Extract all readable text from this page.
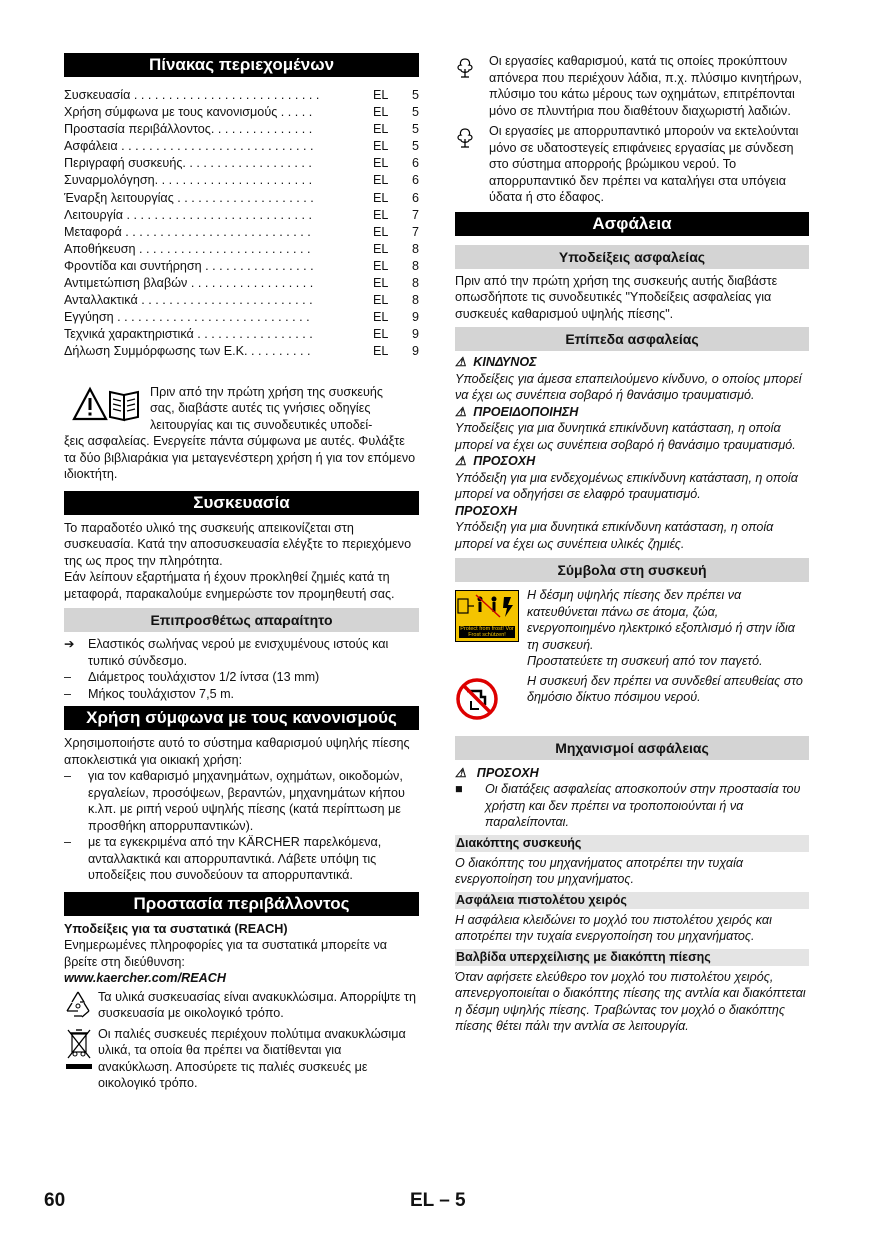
Πίνακας περιεχομένων
Συσκευασία . . . . . . . . . . . . . . . . . . . . . . . . . . .	EL	5
Χρήση σύμφωνα με τους κανονισμούς . . . . .	EL	5
Προστασία περιβάλλοντος. . . . . . . . . . . . . . .	EL	5
Ασφάλεια . . . . . . . . . . . . . . . . . . . . . . . . . . . .	EL	5
Περιγραφή συσκευής. . . . . . . . . . . . . . . . . . .	EL	6
Συναρμολόγηση. . . . . . . . . . . . . . . . . . . . . . .	EL	6
Έναρξη λειτουργίας . . . . . . . . . . . . . . . . . . . .	EL	6
Λειτουργία . . . . . . . . . . . . . . . . . . . . . . . . . . .	EL	7
Μεταφορά . . . . . . . . . . . . . . . . . . . . . . . . . . .	EL	7
Αποθήκευση . . . . . . . . . . . . . . . . . . . . . . . . .	EL	8
Φροντίδα και συντήρηση . . . . . . . . . . . . . . . .	EL	8
Αντιμετώπιση βλαβών . . . . . . . . . . . . . . . . . .	EL	8
Ανταλλακτικά . . . . . . . . . . . . . . . . . . . . . . . . .	EL	8
Εγγύηση . . . . . . . . . . . . . . . . . . . . . . . . . . . .	EL	9
Τεχνικά χαρακτηριστικά . . . . . . . . . . . . . . . . .	EL	9
Δήλωση Συμμόρφωσης των Ε.Κ. . . . . . . . . .	EL	9

Πριν από την πρώτη χρήση της συσκευής

σας, διαβάστε αυτές τις γνήσιες οδηγίες

λειτουργίας και τις συνοδευτικές υποδεί-

ξεις ασφαλείας. Ενεργείτε πάντα σύμφωνα με αυτές. Φυλάξτε τα δύο βιβλιαράκια για μεταγενέστερη χρήση ή για τον επόμενο ιδιοκτήτη.

Συσκευασία

Το παραδοτέο υλικό της συσκευής απεικονίζεται στη συσκευασία. Κατά την αποσυσκευασία ελέγξτε το περιεχόμενο της ως προς την πληρότητα.

Εάν λείπουν εξαρτήματα ή έχουν προκληθεί ζημιές κατά τη μεταφορά, παρακαλούμε ενημερώστε τον προμηθευτή σας.

Επιπροσθέτως απαραίτητο
➔	Ελαστικός σωλήνας νερού με ενισχυμένους ιστούς και τυπικό σύνδεσμο.
–	Διάμετρος τουλάχιστον 1/2 ίντσα (13 mm)
–	Μήκος τουλάχιστον 7,5 m.
Χρήση σύμφωνα με τους κανονισμούς

Χρησιμοποιήστε αυτό το σύστημα καθαρισμού υψηλής πίεσης αποκλειστικά για οικιακή χρήση:

–	για τον καθαρισμό μηχανημάτων, οχημάτων, οικοδομών, εργαλείων, προσόψεων, βεραντών, μηχανημάτων κήπου κ.λπ. με ριπή νερού υψηλής πίεσης (κατά περίπτωση με προσθήκη απορρυπαντικών).
–	με τα εγκεκριμένα από την KÄRCHER παρελκόμενα, ανταλλακτικά και απορρυπαντικά. Λάβετε υπόψη τις υποδείξεις που συνοδεύουν τα απορρυπαντικά.
Προστασία περιβάλλοντος

Υποδείξεις για τα συστατικά (REACH)

Ενημερωμένες πληροφορίες για τα συστατικά μπορείτε να βρείτε στη διεύθυνση:

www.kaercher.com/REACH

Τα υλικά συσκευασίας είναι ανακυκλώσιμα. Απορρίψτε τη συσκευασία με οικολογικό τρόπο.

Οι παλιές συσκευές περιέχουν πολύτιμα ανακυκλώσιμα υλικά, τα οποία θα πρέπει να διατίθενται για ανακύκλωση. Αποσύρετε τις παλιές συσκευές με οικολογικό τρόπο.

Οι εργασίες καθαρισμού, κατά τις οποίες προκύπτουν απόνερα που περιέχουν λάδια, π.χ. πλύσιμο κινητήρων, πλύσιμο του κάτω μέρους των οχημάτων, επιτρέπονται μόνο σε πλυντήρια που διαθέτουν διαχωριστή λαδιών.

Οι εργασίες με απορρυπαντικό μπορούν να εκτελούνται μόνο σε υδατοστεγείς επιφάνειες εργασίας με σύνδεση στο σύστημα απορροής βρώμικου νερού. Το απορρυπαντικό δεν πρέπει να καταλήγει στα υπόγεια ύδατα ή στο έδαφος.

Ασφάλεια
Υποδείξεις ασφαλείας

Πριν από την πρώτη χρήση της συσκευής αυτής διαβάστε οπωσδήποτε τις συνοδευτικές "Υποδείξεις ασφαλείας για συσκευές καθαρισμού υψηλής πίεσης".

Επίπεδα ασφαλείας

⚠ ΚΙΝΔΥΝΟΣ

Υποδείξεις για άμεσα επαπειλούμενο κίνδυνο, ο οποίος μπορεί να έχει ως συνέπεια σοβαρό ή θανάσιμο τραυματισμό.

⚠ ΠΡΟΕΙΔΟΠΟΙΗΣΗ

Υποδείξεις για μια δυνητικά επικίνδυνη κατάσταση, η οποία μπορεί να έχει ως συνέπεια σοβαρό ή θανάσιμο τραυματισμό.

⚠ ΠΡΟΣΟΧΗ

Υπόδειξη για μια ενδεχομένως επικίνδυνη κατάσταση, η οποία μπορεί να οδηγήσει σε ελαφρό τραυματισμό.

ΠΡΟΣΟΧΗ

Υπόδειξη για μια δυνητικά επικίνδυνη κατάσταση, η οποία μπορεί να έχει ως συνέπεια υλικές ζημιές.

Σύμβολα στη συσκευή
Protect from frost! Vor Frost schützen!

Η δέσμη υψηλής πίεσης δεν πρέπει να κατευθύνεται πάνω σε άτομα, ζώα, ενεργοποιημένο ηλεκτρικό εξοπλισμό ή στην ίδια τη συσκευή.

Προστατεύετε τη συσκευή από τον παγετό.

Η συσκευή δεν πρέπει να συνδεθεί απευθείας στο δημόσιο δίκτυο πόσιμου νερού.

Μηχανισμοί ασφάλειας

⚠ ΠΡΟΣΟΧΗ

■	Οι διατάξεις ασφαλείας αποσκοπούν στην προστασία του χρήστη και δεν πρέπει να τροποποιούνται ή να παραλείπονται.
Διακόπτης συσκευής

Ο διακόπτης του μηχανήματος αποτρέπει την τυχαία ενεργοποίηση του μηχανήματος.

Ασφάλεια πιστολέτου χειρός

Η ασφάλεια κλειδώνει το μοχλό του πιστολέτου χειρός και αποτρέπει την τυχαία ενεργοποίηση του μηχανήματος.

Βαλβίδα υπερχείλισης με διακόπτη πίεσης

Όταν αφήσετε ελεύθερο τον μοχλό του πιστολέτου χειρός, απενεργοποιείται ο διακόπτης πίεσης της αντλία και διακόπτεται η δέσμη υψηλής πίεσης. Τραβώντας τον μοχλό ο διακόπτης πίεσης θέτει πάλι την αντλία σε λειτουργία.

60	EL – 5
